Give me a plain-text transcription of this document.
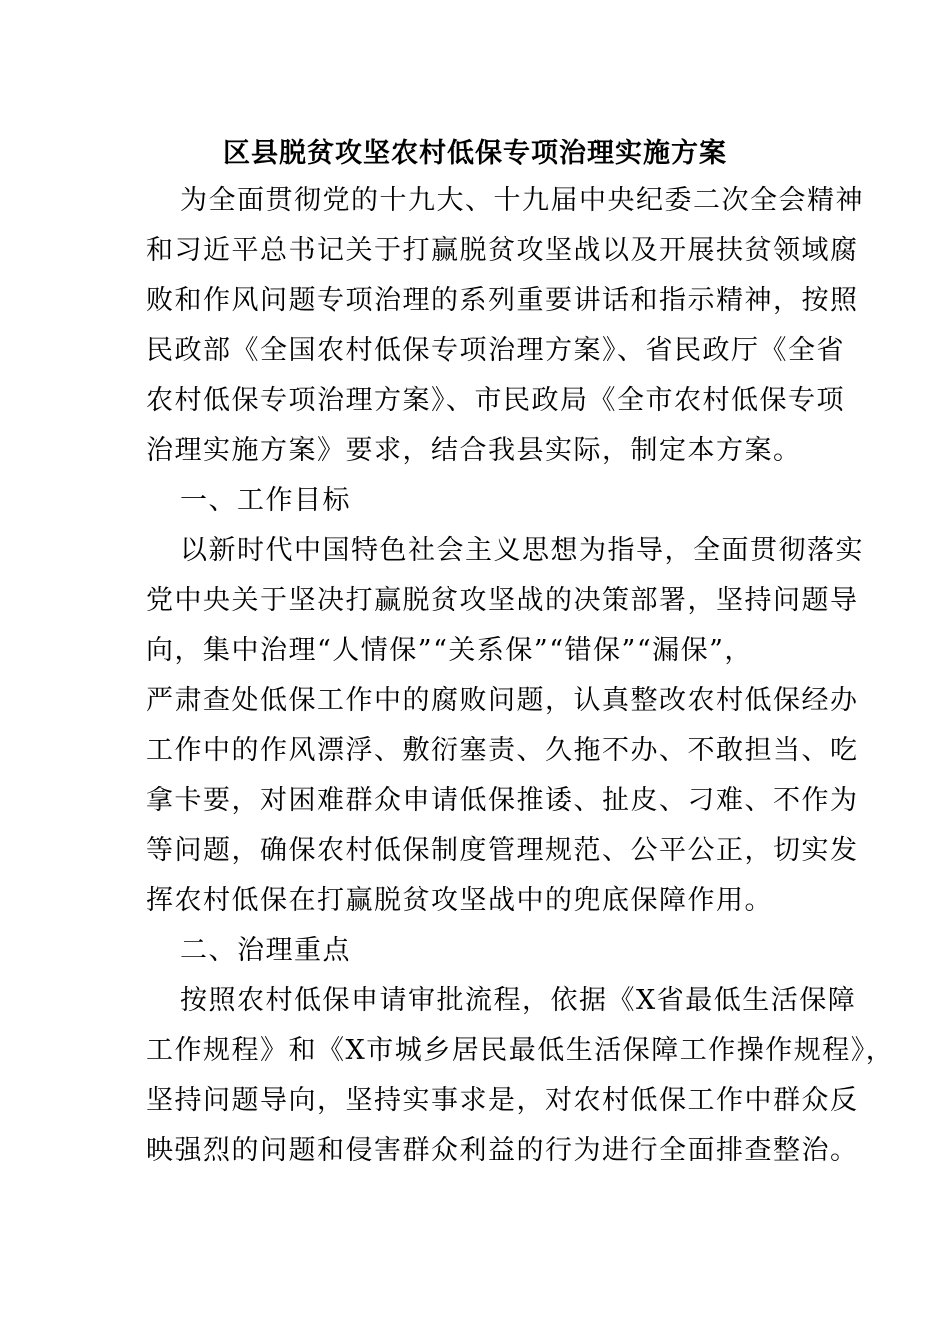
区县脱贫攻坚农村低保专项治理实施方案
为全面贯彻党的十九大、十九届中央纪委二次全会精神
和习近平总书记关于打赢脱贫攻坚战以及开展扶贫领域腐
败和作风问题专项治理的系列重要讲话和指示精神，按照
民政部《全国农村低保专项治理方案》、省民政厅《全省
农村低保专项治理方案》、市民政局《全市农村低保专项
治理实施方案》要求，结合我县实际，制定本方案。
一、工作目标
以新时代中国特色社会主义思想为指导，全面贯彻落实
党中央关于坚决打赢脱贫攻坚战的决策部署，坚持问题导
向，集中治理“人情保”“关系保”“错保”“漏保”，
严肃查处低保工作中的腐败问题，认真整改农村低保经办
工作中的作风漂浮、敷衍塞责、久拖不办、不敢担当、吃
拿卡要，对困难群众申请低保推诿、扯皮、刁难、不作为
等问题，确保农村低保制度管理规范、公平公正，切实发
挥农村低保在打赢脱贫攻坚战中的兜底保障作用。
二、治理重点
按照农村低保申请审批流程，依据《X省最低生活保障
工作规程》和《X市城乡居民最低生活保障工作操作规程》，
坚持问题导向，坚持实事求是，对农村低保工作中群众反
映强烈的问题和侵害群众利益的行为进行全面排查整治。
